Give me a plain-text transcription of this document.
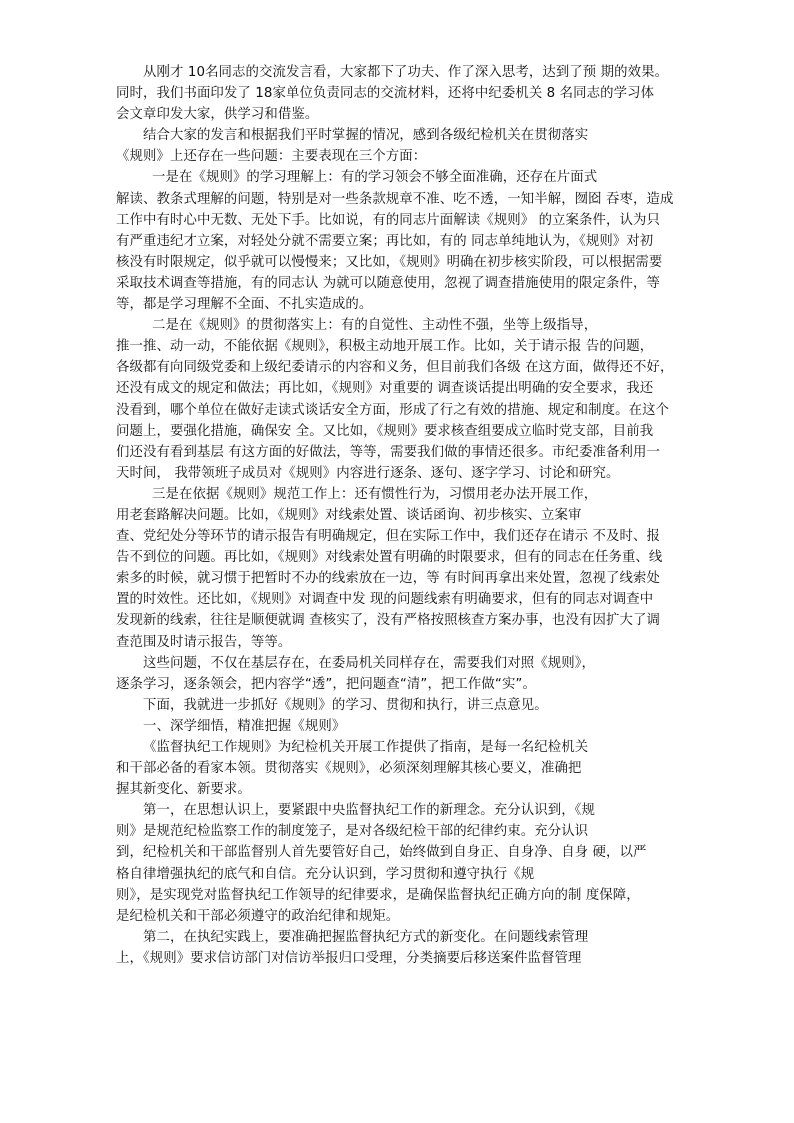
从刚才 10名同志的交流发言看，大家都下了功夫、作了深入思考，达到了预 期的效果。
同时，我们书面印发了 18家单位负责同志的交流材料，还将中纪委机关 8 名同志的学习体
会文章印发大家，供学习和借鉴。
结合大家的发言和根据我们平时掌握的情况，感到各级纪检机关在贯彻落实
《规则》上还存在一些问题：主要表现在三个方面：
一是在《规则》的学习理解上：有的学习领会不够全面准确，还存在片面式
解读、教条式理解的问题，特别是对一些条款规章不准、吃不透，一知半解，囫囵 吞枣，造成
工作中有时心中无数、无处下手。比如说，有的同志片面解读《规则》 的立案条件，认为只
有严重违纪才立案，对轻处分就不需要立案；再比如，有的 同志单纯地认为，《规则》对初
核没有时限规定，似乎就可以慢慢来；又比如，《规则》明确在初步核实阶段，可以根据需要
采取技术调查等措施，有的同志认 为就可以随意使用，忽视了调查措施使用的限定条件，等
等，都是学习理解不全面、不扎实造成的。
二是在《规则》的贯彻落实上：有的自觉性、主动性不强，坐等上级指导，
推一推、动一动，不能依据《规则》，积极主动地开展工作。比如，关于请示报 告的问题，
各级都有向同级党委和上级纪委请示的内容和义务，但目前我们各级 在这方面，做得还不好，
还没有成文的规定和做法；再比如，《规则》对重要的 调查谈话提出明确的安全要求，我还
没看到，哪个单位在做好走读式谈话安全方面，形成了行之有效的措施、规定和制度。在这个
问题上，要强化措施，确保安 全。又比如，《规则》要求核查组要成立临时党支部，目前我
们还没有看到基层 有这方面的好做法，等等，需要我们做的事情还很多。市纪委准备利用一
天时间， 我带领班子成员对《规则》内容进行逐条、逐句、逐字学习、讨论和研究。
三是在依据《规则》规范工作上：还有惯性行为，习惯用老办法开展工作，
用老套路解决问题。比如，《规则》对线索处置、谈话函询、初步核实、立案审
查、党纪处分等环节的请示报告有明确规定，但在实际工作中，我们还存在请示 不及时、报
告不到位的问题。再比如，《规则》对线索处置有明确的时限要求，但有的同志在任务重、线
索多的时候，就习惯于把暂时不办的线索放在一边，等 有时间再拿出来处置，忽视了线索处
置的时效性。还比如，《规则》对调查中发 现的问题线索有明确要求，但有的同志对调查中
发现新的线索，往往是顺便就调 查核实了，没有严格按照核查方案办事，也没有因扩大了调
查范围及时请示报告，等等。
这些问题，不仅在基层存在，在委局机关同样存在，需要我们对照《规则》，
逐条学习，逐条领会，把内容学“透”，把问题查“清”，把工作做“实”。
下面，我就进一步抓好《规则》的学习、贯彻和执行，讲三点意见。
一、深学细悟，精准把握《规则》
《监督执纪工作规则》为纪检机关开展工作提供了指南，是每一名纪检机关
和干部必备的看家本领。贯彻落实《规则》，必须深刻理解其核心要义，准确把
握其新变化、新要求。
第一，在思想认识上，要紧跟中央监督执纪工作的新理念。充分认识到，《规
则》是规范纪检监察工作的制度笼子，是对各级纪检干部的纪律约束。充分认识
到，纪检机关和干部监督别人首先要管好自己，始终做到自身正、自身净、自身 硬，以严
格自律增强执纪的底气和自信。充分认识到，学习贯彻和遵守执行《规
则》，是实现党对监督执纪工作领导的纪律要求，是确保监督执纪正确方向的制 度保障，
是纪检机关和干部必须遵守的政治纪律和规矩。
第二，在执纪实践上，要准确把握监督执纪方式的新变化。在问题线索管理
上，《规则》要求信访部门对信访举报归口受理，分类摘要后移送案件监督管理
